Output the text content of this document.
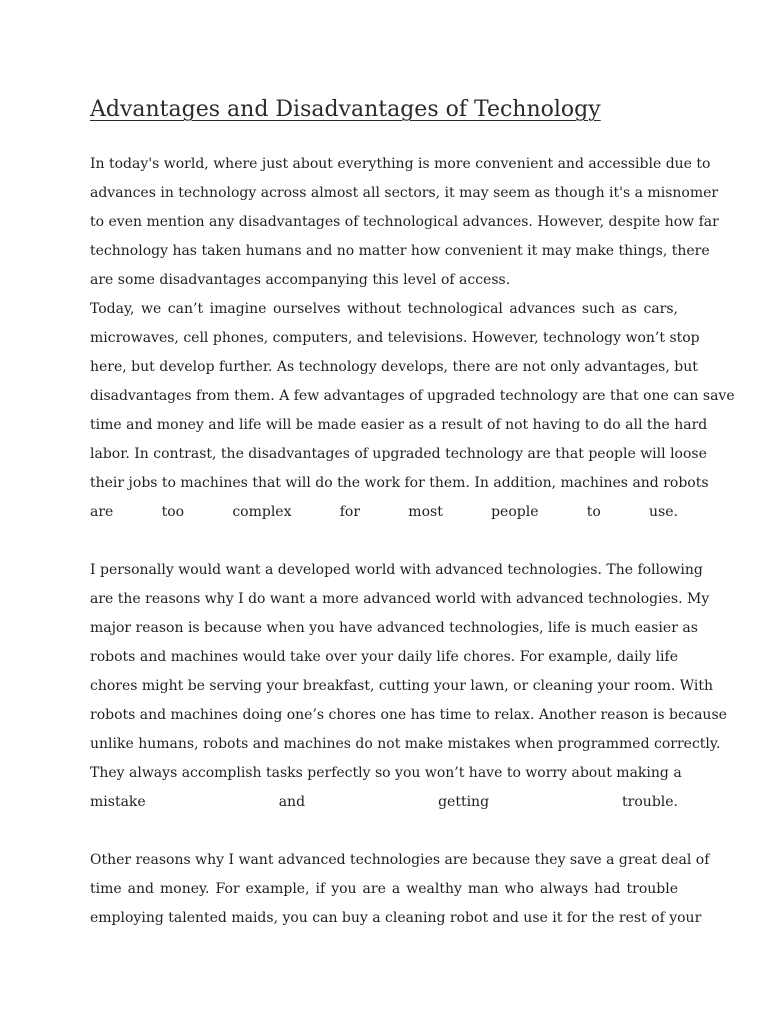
Advantages and Disadvantages of Technology

In today's world, where just about everything is more convenient and accessible due to
advances in technology across almost all sectors, it may seem as though it's a misnomer
to even mention any disadvantages of technological advances. However, despite how far
technology has taken humans and no matter how convenient it may make things, there
are some disadvantages accompanying this level of access.

Today, we can’t imagine ourselves without technological advances such as cars,
microwaves, cell phones, computers, and televisions. However, technology won’t stop
here, but develop further. As technology develops, there are not only advantages, but
disadvantages from them. A few advantages of upgraded technology are that one can save
time and money and life will be made easier as a result of not having to do all the hard
labor. In contrast, the disadvantages of upgraded technology are that people will loose
their jobs to machines that will do the work for them. In addition, machines and robots
are too complex for most people to use.

I personally would want a developed world with advanced technologies. The following
are the reasons why I do want a more advanced world with advanced technologies. My
major reason is because when you have advanced technologies, life is much easier as
robots and machines would take over your daily life chores. For example, daily life
chores might be serving your breakfast, cutting your lawn, or cleaning your room. With
robots and machines doing one’s chores one has time to relax. Another reason is because
unlike humans, robots and machines do not make mistakes when programmed correctly.
They always accomplish tasks perfectly so you won’t have to worry about making a
mistake and getting trouble.

Other reasons why I want advanced technologies are because they save a great deal of
time and money. For example, if you are a wealthy man who always had trouble
employing talented maids, you can buy a cleaning robot and use it for the rest of your
